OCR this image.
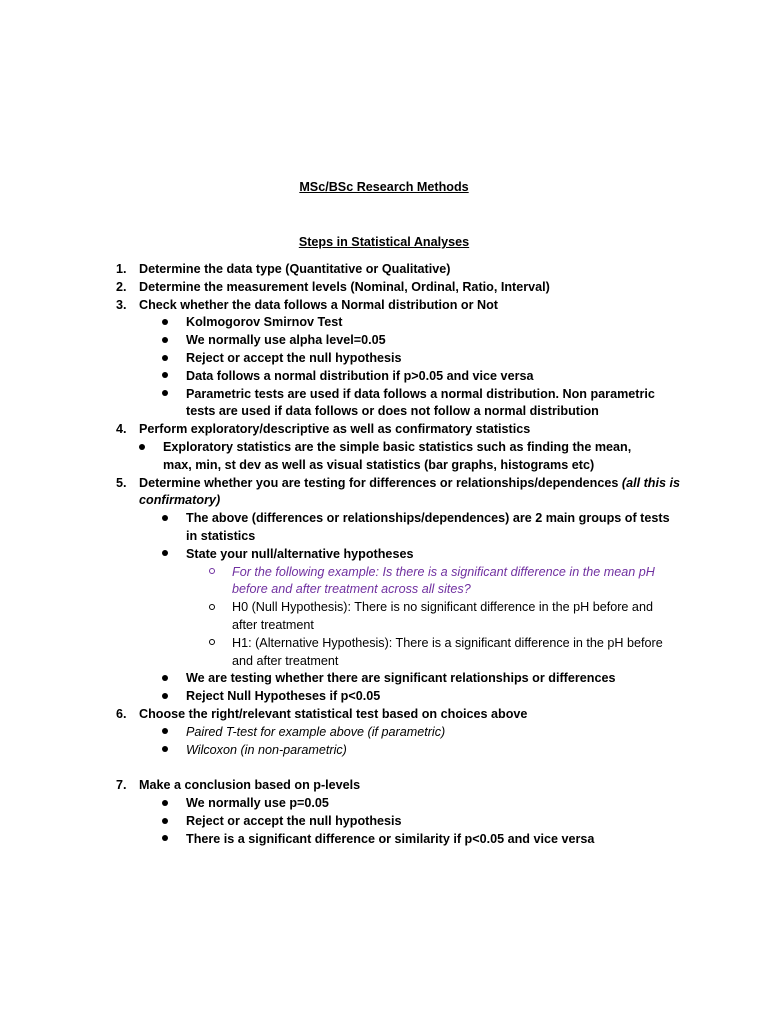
MSc/BSc Research Methods
Steps in Statistical Analyses
1. Determine the data type (Quantitative or Qualitative)
2. Determine the measurement levels (Nominal, Ordinal, Ratio, Interval)
3. Check whether the data follows a Normal distribution or Not
Kolmogorov Smirnov Test
We normally use alpha level=0.05
Reject or accept the null hypothesis
Data follows a normal distribution if p>0.05 and vice versa
Parametric tests are used if data follows a normal distribution. Non parametric tests are used if data follows or does not follow a normal distribution
4. Perform exploratory/descriptive as well as confirmatory statistics
Exploratory statistics are the simple basic statistics such as finding the mean, max, min, st dev as well as visual statistics (bar graphs, histograms etc)
5. Determine whether you are testing for differences or relationships/dependences (all this is confirmatory)
The above (differences or relationships/dependences) are 2 main groups of tests in statistics
State your null/alternative hypotheses
For the following example: Is there is a significant difference in the mean pH before and after treatment across all sites?
H0 (Null Hypothesis): There is no significant difference in the pH before and after treatment
H1: (Alternative Hypothesis): There is a significant difference in the pH before and after treatment
We are testing whether there are significant relationships or differences
Reject Null Hypotheses if p<0.05
6. Choose the right/relevant statistical test based on choices above
Paired T-test for example above (if parametric)
Wilcoxon (in non-parametric)
7. Make a conclusion based on p-levels
We normally use p=0.05
Reject or accept the null hypothesis
There is a significant difference or similarity if p<0.05 and vice versa
